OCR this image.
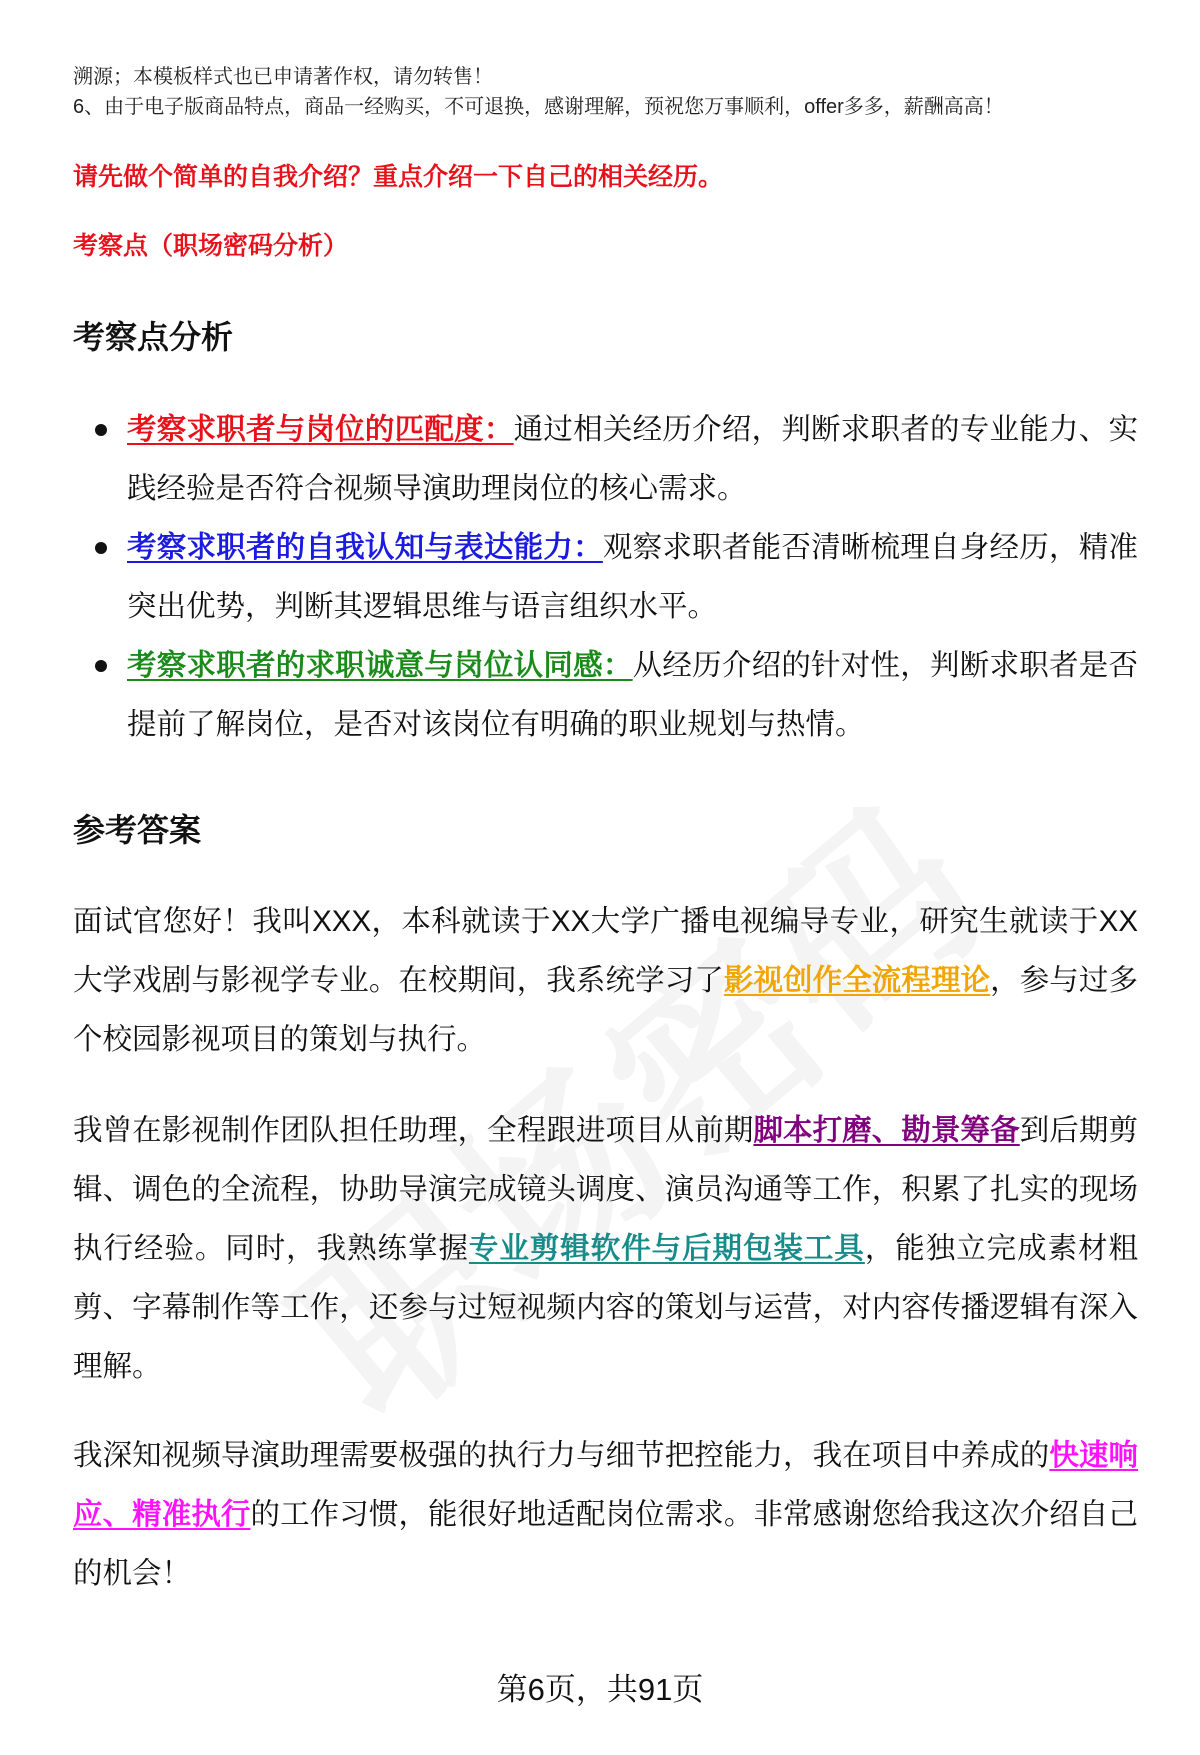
溯源；本模板样式也已申请著作权，请勿转售！
6、由于电子版商品特点，商品一经购买，不可退换，感谢理解，预祝您万事顺利，offer多多，薪酬高高！
请先做个简单的自我介绍？重点介绍一下自己的相关经历。
考察点（职场密码分析）
考察点分析
考察求职者与岗位的匹配度：通过相关经历介绍，判断求职者的专业能力、实践经验是否符合视频导演助理岗位的核心需求。
考察求职者的自我认知与表达能力：观察求职者能否清晰梳理自身经历，精准突出优势，判断其逻辑思维与语言组织水平。
考察求职者的求职诚意与岗位认同感：从经历介绍的针对性，判断求职者是否提前了解岗位，是否对该岗位有明确的职业规划与热情。
参考答案

面试官您好！我叫XXX，本科就读于XX大学广播电视编导专业，研究生就读于XX大学戏剧与影视学专业。在校期间，我系统学习了影视创作全流程理论，参与过多个校园影视项目的策划与执行。

我曾在影视制作团队担任助理，全程跟进项目从前期脚本打磨、勘景筹备到后期剪辑、调色的全流程，协助导演完成镜头调度、演员沟通等工作，积累了扎实的现场执行经验。同时，我熟练掌握专业剪辑软件与后期包装工具，能独立完成素材粗剪、字幕制作等工作，还参与过短视频内容的策划与运营，对内容传播逻辑有深入理解。

我深知视频导演助理需要极强的执行力与细节把控能力，我在项目中养成的快速响应、精准执行的工作习惯，能很好地适配岗位需求。非常感谢您给我这次介绍自己的机会！

第6页，共91页
